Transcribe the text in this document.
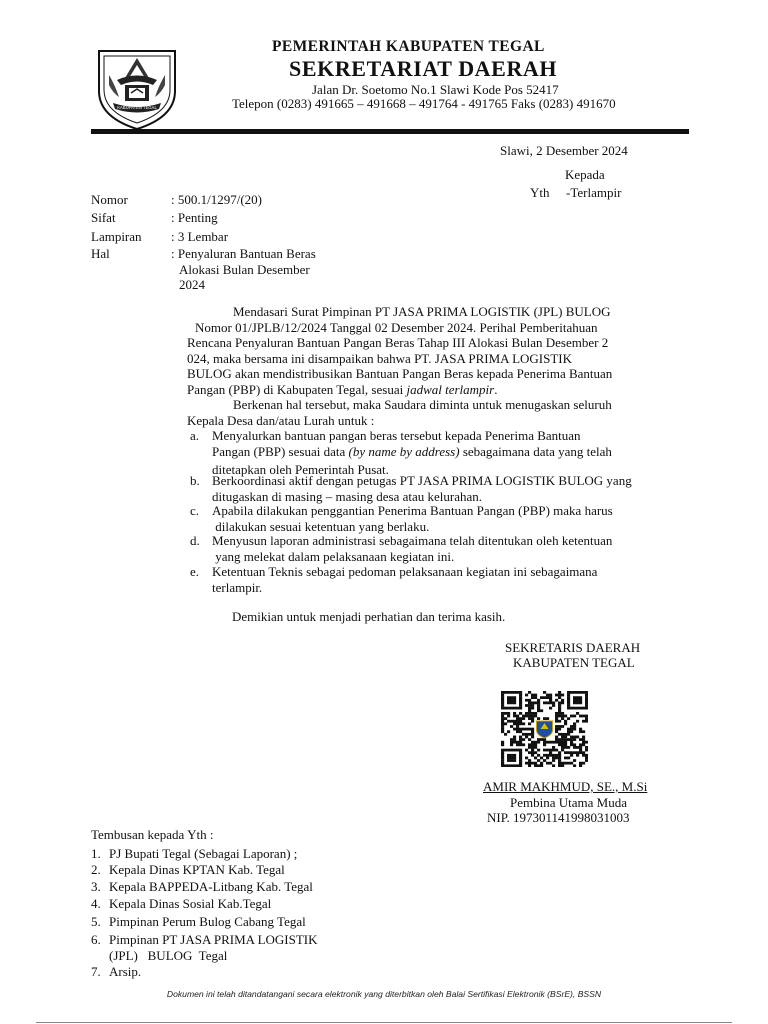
KABUPATEN TEGAL
PEMERINTAH KABUPATEN TEGAL
SEKRETARIAT DAERAH
Jalan Dr. Soetomo No.1 Slawi Kode Pos 52417
Telepon (0283) 491665 – 491668 – 491764 - 491765 Faks (0283) 491670
Slawi, 2 Desember 2024
Kepada
Yth -Terlampir
Nomor	: 500.1/1297/(20)
Sifat	: Penting
Lampiran : 3 Lembar
Hal	: Penyaluran Bantuan Beras
Alokasi Bulan Desember
2024
Mendasari Surat Pimpinan PT JASA PRIMA LOGISTIK (JPL) BULOG
Nomor 01/JPLB/12/2024 Tanggal 02 Desember 2024. Perihal Pemberitahuan
Rencana Penyaluran Bantuan Pangan Beras Tahap III Alokasi Bulan Desember 2
024, maka bersama ini disampaikan bahwa PT. JASA PRIMA LOGISTIK
BULOG akan mendistribusikan Bantuan Pangan Beras kepada Penerima Bantuan
Pangan (PBP) di Kabupaten Tegal, sesuai jadwal terlampir.
Berkenan hal tersebut, maka Saudara diminta untuk menugaskan seluruh
Kepala Desa dan/atau Lurah untuk :
a. Menyalurkan bantuan pangan beras tersebut kepada Penerima Bantuan
Pangan (PBP) sesuai data (by name by address) sebagaimana data yang telah
ditetapkan oleh Pemerintah Pusat.
b. Berkoordinasi aktif dengan petugas PT JASA PRIMA LOGISTIK BULOG yang
ditugaskan di masing – masing desa atau kelurahan.
c. Apabila dilakukan penggantian Penerima Bantuan Pangan (PBP) maka harus
dilakukan sesuai ketentuan yang berlaku.
d. Menyusun laporan administrasi sebagaimana telah ditentukan oleh ketentuan
yang melekat dalam pelaksanaan kegiatan ini.
e. Ketentuan Teknis sebagai pedoman pelaksanaan kegiatan ini sebagaimana
terlampir.
Demikian untuk menjadi perhatian dan terima kasih.
SEKRETARIS DAERAH
KABUPATEN TEGAL
AMIR MAKHMUD, SE., M.Si
Pembina Utama Muda
NIP. 197301141998031003
Tembusan kepada Yth :
1. PJ Bupati Tegal (Sebagai Laporan) ;
2. Kepala Dinas KPTAN Kab. Tegal
3. Kepala BAPPEDA-Litbang Kab. Tegal
4. Kepala Dinas Sosial Kab.Tegal
5. Pimpinan Perum Bulog Cabang Tegal
6. Pimpinan PT JASA PRIMA LOGISTIK
(JPL)   BULOG  Tegal
7. Arsip.
Dokumen ini telah ditandatangani secara elektronik yang diterbitkan oleh Balai Sertifikasi Elektronik (BSrE), BSSN
